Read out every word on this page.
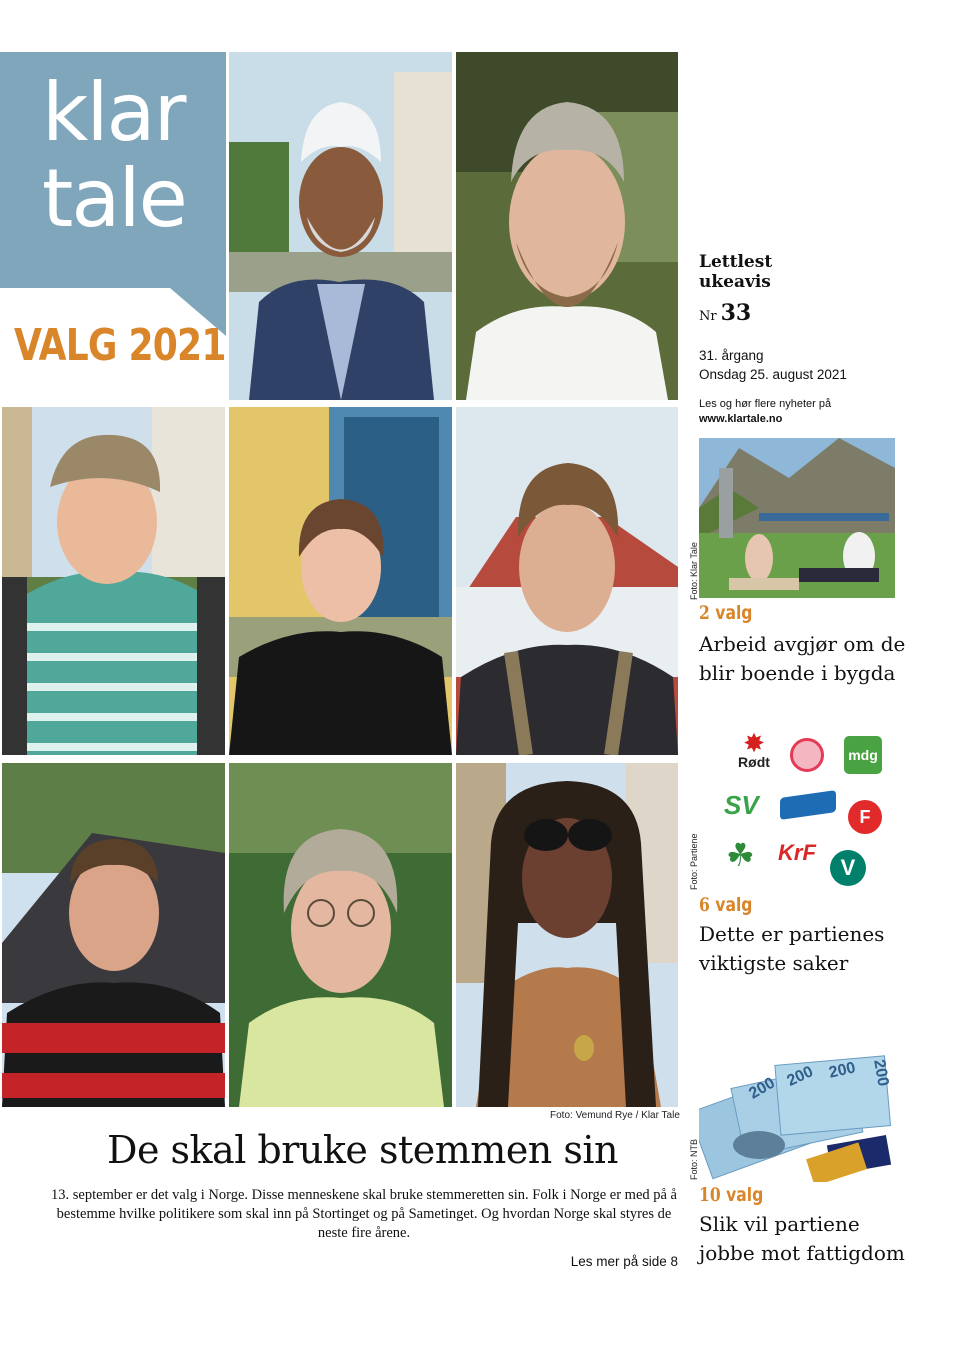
klar
tale
VALG 2021
Foto: Vemund Rye / Klar Tale
Lettlest
ukeavis
Nr 33
31. årgang
Onsdag 25. august 2021
Les og hør flere nyheter på
www.klartale.no
Foto: Klar Tale
2 valg
Arbeid avgjør om de blir boende i bygda
Foto: Partiene
✸
Rødt	mdg
SV	F
☘ KrF
V
6 valg
Dette er partienes viktigste saker
Foto: NTB
200 200 200 200
10 valg
Slik vil partiene jobbe mot fattigdom
De skal bruke stemmen sin
13. september er det valg i Norge. Disse menneskene skal bruke stemmeretten sin. Folk i Norge er med på å bestemme hvilke politikere som skal inn på Stortinget og på Sametinget. Og hvordan Norge skal styres de neste fire årene.
Les mer på side 8
